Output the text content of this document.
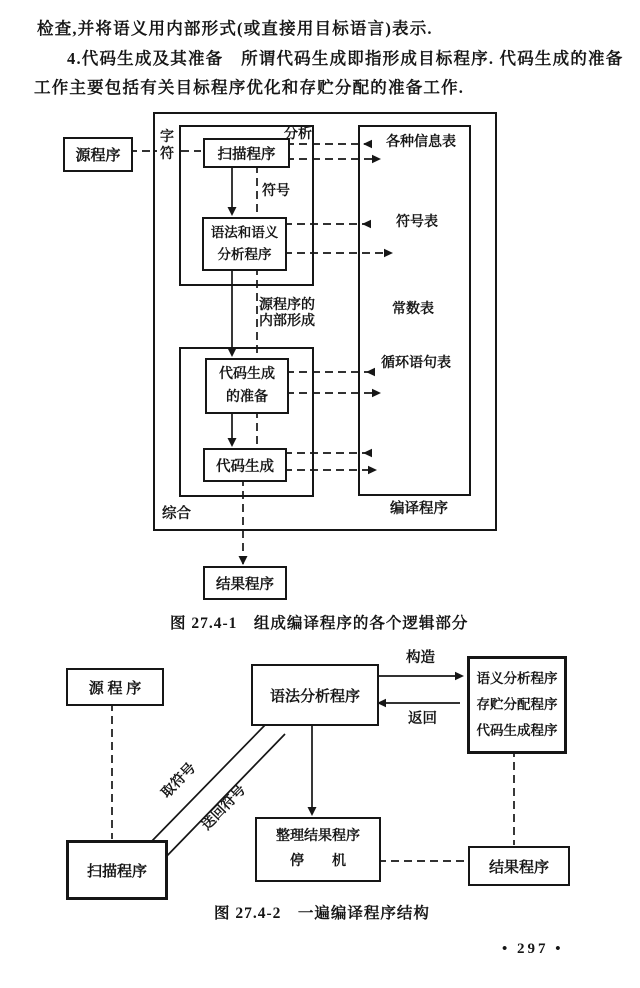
检查,并将语义用内部形式(或直接用目标语言)表示.
4.代码生成及其准备　所谓代码生成即指形成目标程序. 代码生成的准备
工作主要包括有关目标程序优化和存贮分配的准备工作.
源程序	扫描程序
语法和语义
分析程序
代码生成
的准备
代码生成
结果程序
字
符
分析
符号
源程序的
内部形成
综合	编译程序
各种信息表
符号表
常数表
循环语句表
图 27.4-1　组成编译程序的各个逻辑部分
源 程 序	语法分析程序
语义分析程序
存贮分配程序
代码生成程序
扫描程序
整理结果程序
停　　机	结果程序
构造
返回
取符号
送回符号
图 27.4-2　一遍编译程序结构
• 297 •
